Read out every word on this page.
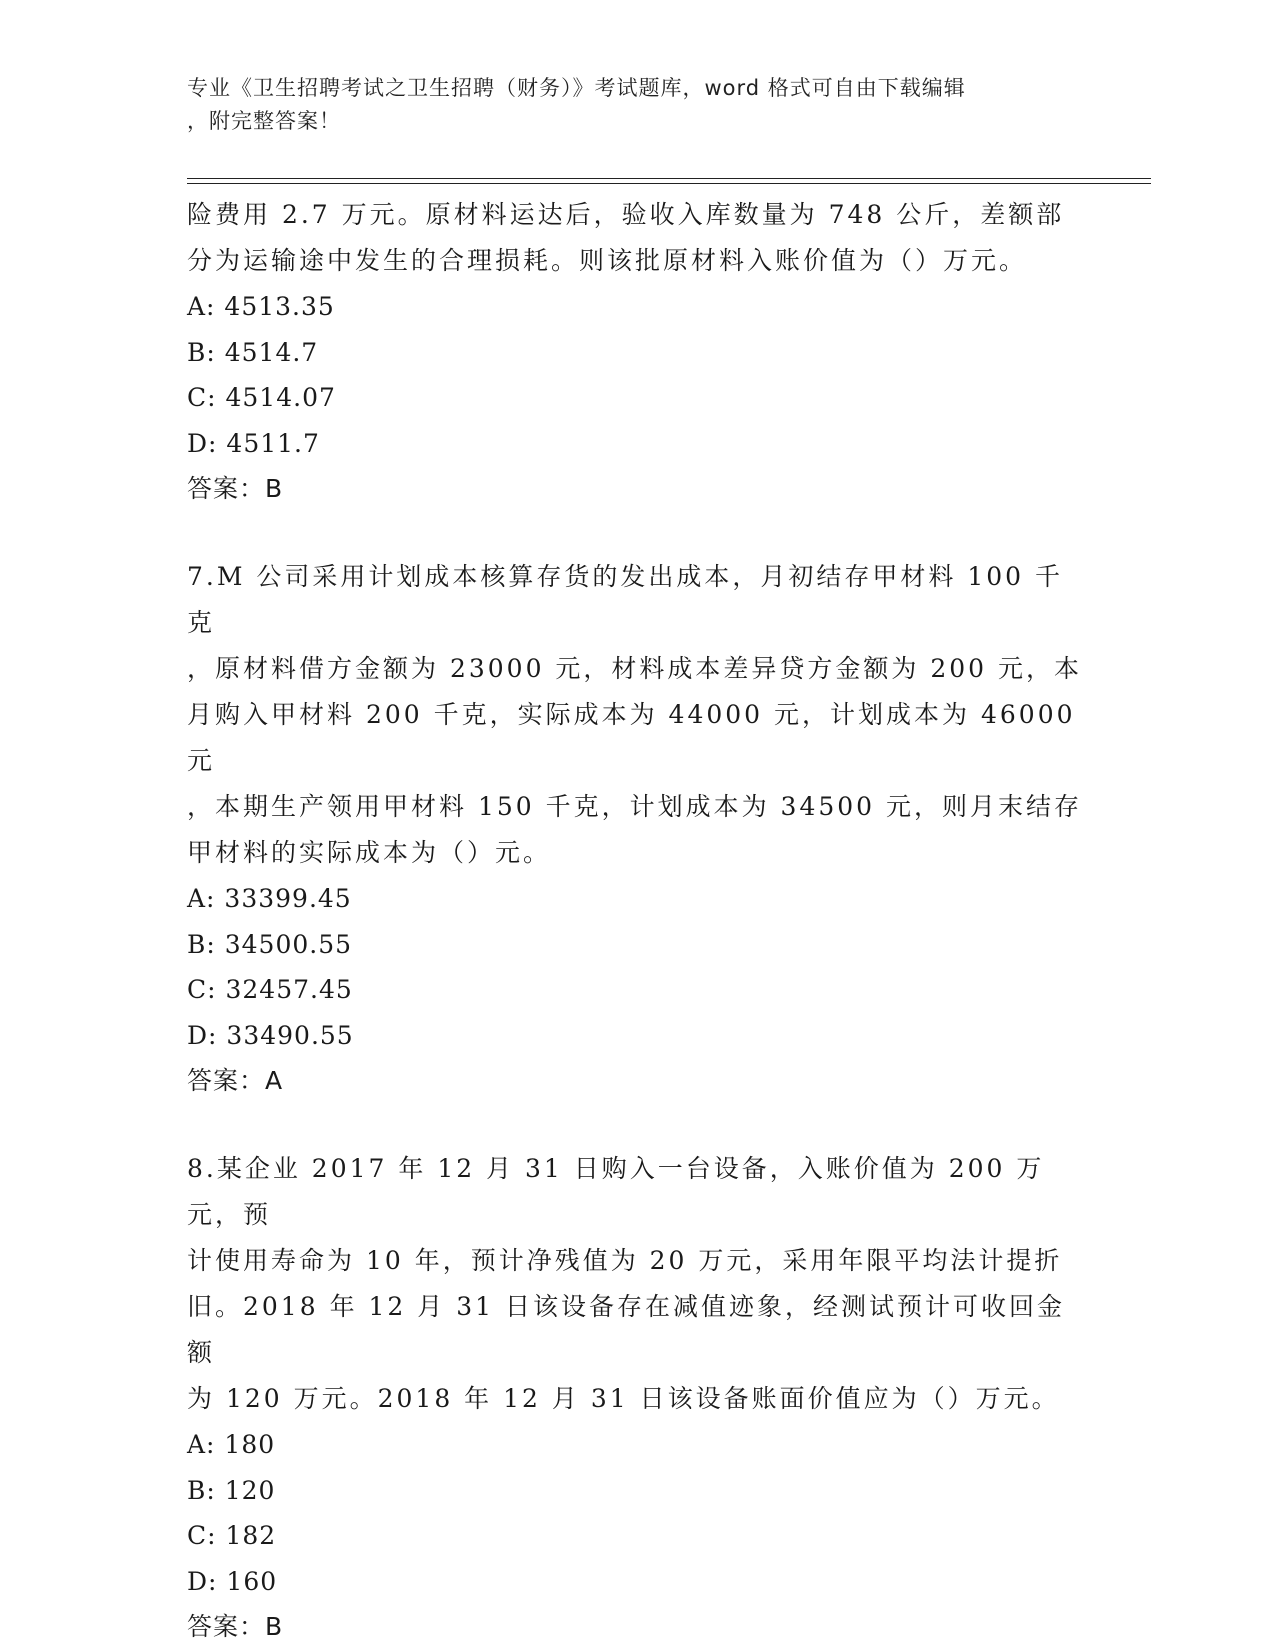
专业《卫生招聘考试之卫生招聘（财务）》考试题库，word 格式可自由下载编辑
，附完整答案！

险费用 2.7 万元。原材料运达后，验收入库数量为 748 公斤，差额部

分为运输途中发生的合理损耗。则该批原材料入账价值为（）万元。

A: 4513.35

B: 4514.7

C: 4514.07

D: 4511.7

答案：B

7.M 公司采用计划成本核算存货的发出成本，月初结存甲材料 100 千克

，原材料借方金额为 23000 元，材料成本差异贷方金额为 200 元，本

月购入甲材料 200 千克，实际成本为 44000 元，计划成本为 46000 元

，本期生产领用甲材料 150 千克，计划成本为 34500 元，则月末结存

甲材料的实际成本为（）元。

A: 33399.45

B: 34500.55

C: 32457.45

D: 33490.55

答案：A

8.某企业 2017 年 12 月 31 日购入一台设备，入账价值为 200 万元，预

计使用寿命为 10 年，预计净残值为 20 万元，采用年限平均法计提折

旧。2018 年 12 月 31 日该设备存在减值迹象，经测试预计可收回金额

为 120 万元。2018 年 12 月 31 日该设备账面价值应为（）万元。

A: 180

B: 120

C: 182

D: 160

答案：B
